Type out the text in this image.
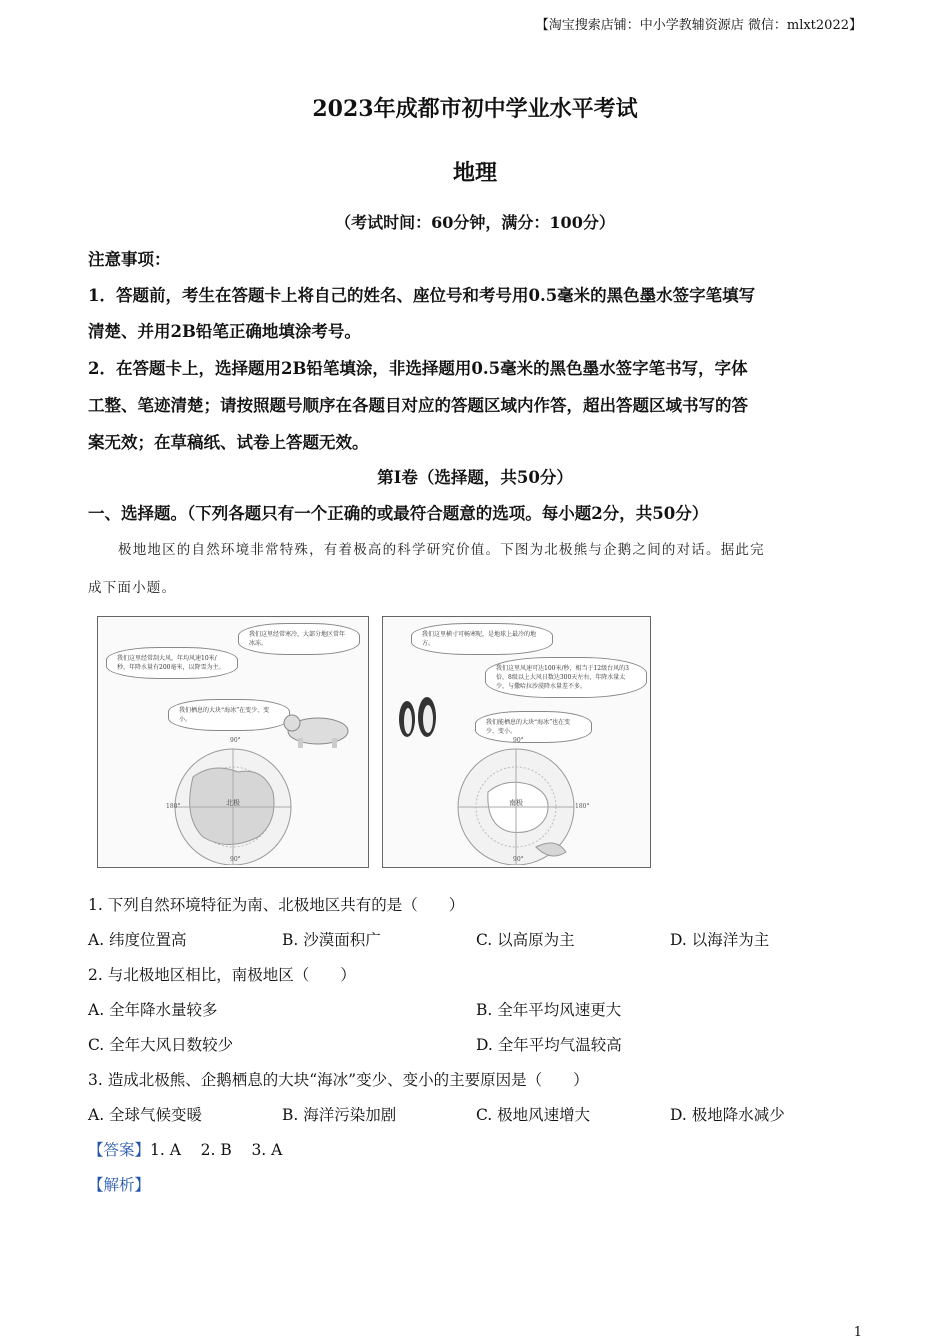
【淘宝搜索店铺：中小学教辅资源店 微信：mlxt2022】
2023年成都市初中学业水平考试
地理
（考试时间：60分钟，满分：100分）
注意事项：
1．答题前，考生在答题卡上将自己的姓名、座位号和考号用0.5毫米的黑色墨水签字笔填写
清楚、并用2B铅笔正确地填涂考号。
2．在答题卡上，选择题用2B铅笔填涂，非选择题用0.5毫米的黑色墨水签字笔书写，字体
工整、笔迹清楚；请按照题号顺序在各题目对应的答题区域内作答，超出答题区域书写的答
案无效；在草稿纸、试卷上答题无效。
第Ⅰ卷（选择题，共50分）
一、选择题。（下列各题只有一个正确的或最符合题意的选项。每小题2分，共50分）
极地地区的自然环境非常特殊，有着极高的科学研究价值。下图为北极熊与企鹅之间的对话。据此完
成下面小题。
我们这里经常寒冷，大部分地区常年冰冻。
我们这里经常刮大风，年均风速10米/秒，年降水量有200毫米，以降雪为主。
我们栖息的大块“海冰”在变少、变小。
90°
90°
180°	北极
我们这里横寸可畅寒呢，是地球上最冷的地方。
我们这里风速可达100米/秒，相当于12级台风的3倍，8级以上大风日数达300天左右，年降水量太少，与撒哈拉沙漠降水量差不多。
我们能栖息的大块“海冰”也在变少、变小。
90°
90°
180°
南极
1. 下列自然环境特征为南、北极地区共有的是（　　）
A. 纬度位置高	B. 沙漠面积广	C. 以高原为主	D. 以海洋为主
2. 与北极地区相比，南极地区（　　）
A. 全年降水量较多	B. 全年平均风速更大
C. 全年大风日数较少	D. 全年平均气温较高
3. 造成北极熊、企鹅栖息的大块“海冰”变少、变小的主要原因是（　　）
A. 全球气候变暖	B. 海洋污染加剧	C. 极地风速增大	D. 极地降水减少
【答案】1. A    2. B    3. A
【解析】
1
